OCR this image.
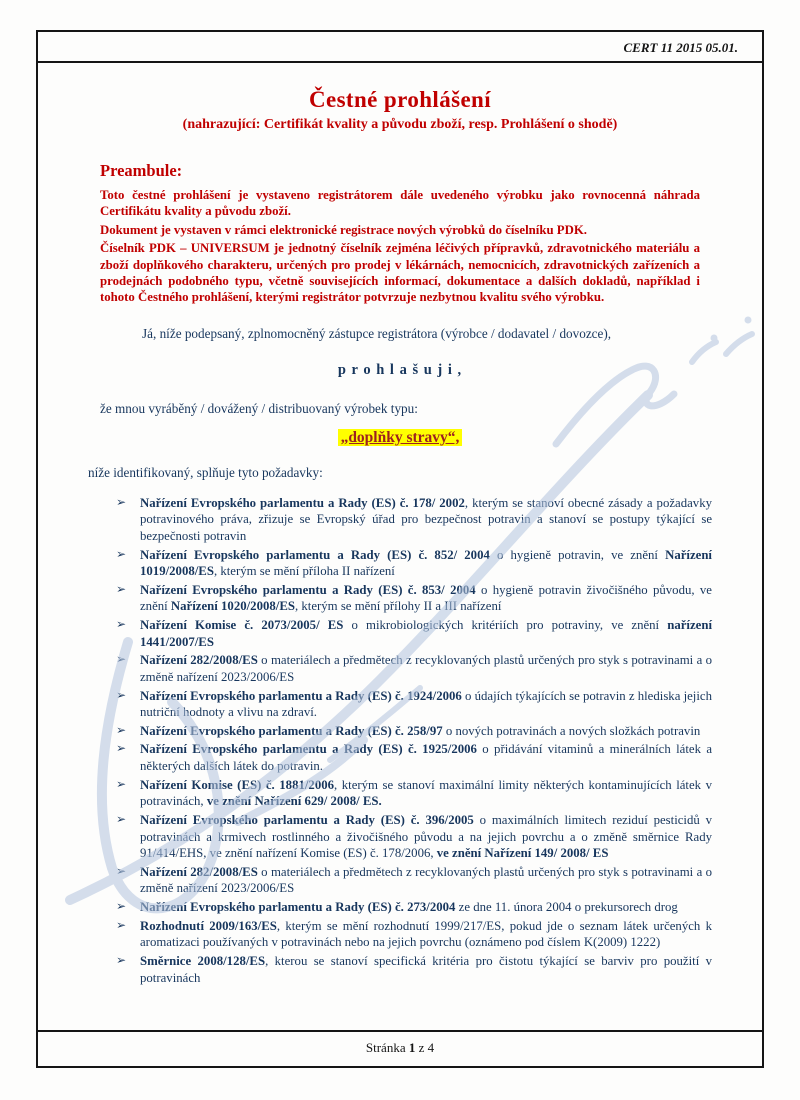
CERT 11 2015 05.01.
Čestné prohlášení
(nahrazující: Certifikát kvality a původu zboží, resp. Prohlášení o shodě)
Preambule:

Toto čestné prohlášení je vystaveno registrátorem dále uvedeného výrobku jako rovnocenná náhrada Certifikátu kvality a původu zboží.

Dokument je vystaven v rámci elektronické registrace nových výrobků do číselníku PDK.

Číselník PDK – UNIVERSUM je jednotný číselník zejména léčivých přípravků, zdravotnického materiálu a zboží doplňkového charakteru, určených pro prodej v lékárnách, nemocnicích, zdravotnických zařízeních a prodejnách podobného typu, včetně souvisejících informací, dokumentace a dalších dokladů, například i tohoto Čestného prohlášení, kterými registrátor potvrzuje nezbytnou kvalitu svého výrobku.

Já, níže podepsaný, zplnomocněný zástupce registrátora (výrobce / dodavatel / dovozce),
p r o h l a š u j i ,
že mnou vyráběný / dovážený / distribuovaný výrobek typu:
„doplňky stravy“,
níže identifikovaný, splňuje tyto požadavky:
➢	Nařízení Evropského parlamentu a Rady (ES) č. 178/ 2002, kterým se stanoví obecné zásady a požadavky potravinového práva, zřizuje se Evropský úřad pro bezpečnost potravin a stanoví se postupy týkající se bezpečnosti potravin
➢	Nařízení Evropského parlamentu a Rady (ES) č. 852/ 2004 o hygieně potravin, ve znění Nařízení 1019/2008/ES, kterým se mění příloha II nařízení
➢	Nařízení Evropského parlamentu a Rady (ES) č. 853/ 2004 o hygieně potravin živočišného původu, ve znění Nařízení 1020/2008/ES, kterým se mění přílohy II a III nařízení
➢	Nařízení Komise č. 2073/2005/ ES o mikrobiologických kritériích pro potraviny, ve znění nařízení 1441/2007/ES
➢	Nařízení 282/2008/ES o materiálech a předmětech z recyklovaných plastů určených pro styk s potravinami a o změně nařízení 2023/2006/ES
➢	Nařízení Evropského parlamentu a Rady (ES) č. 1924/2006 o údajích týkajících se potravin z hlediska jejich nutriční hodnoty a vlivu na zdraví.
➢	Nařízení Evropského parlamentu a Rady (ES) č. 258/97 o nových potravinách a nových složkách potravin
➢	Nařízení Evropského parlamentu a Rady (ES) č. 1925/2006 o přidávání vitaminů a minerálních látek a některých dalších látek do potravin.
➢	Nařízení Komise (ES) č. 1881/2006, kterým se stanoví maximální limity některých kontaminujících látek v potravinách, ve znění Nařízení 629/ 2008/ ES.
➢	Nařízení Evropského parlamentu a Rady (ES) č. 396/2005 o maximálních limitech reziduí pesticidů v potravinách a krmivech rostlinného a živočišného původu a na jejich povrchu a o změně směrnice Rady 91/414/EHS, ve znění nařízení Komise (ES) č. 178/2006, ve znění Nařízení 149/ 2008/ ES
➢	Nařízení 282/2008/ES o materiálech a předmětech z recyklovaných plastů určených pro styk s potravinami a o změně nařízení 2023/2006/ES
➢	Nařízení Evropského parlamentu a Rady (ES) č. 273/2004 ze dne 11. února 2004 o prekursorech drog
➢	Rozhodnutí 2009/163/ES, kterým se mění rozhodnutí 1999/217/ES, pokud jde o seznam látek určených k aromatizaci používaných v potravinách nebo na jejich povrchu (oznámeno pod číslem K(2009) 1222)
➢	Směrnice 2008/128/ES, kterou se stanoví specifická kritéria pro čistotu týkající se barviv pro použití v potravinách
Stránka 1 z 4
